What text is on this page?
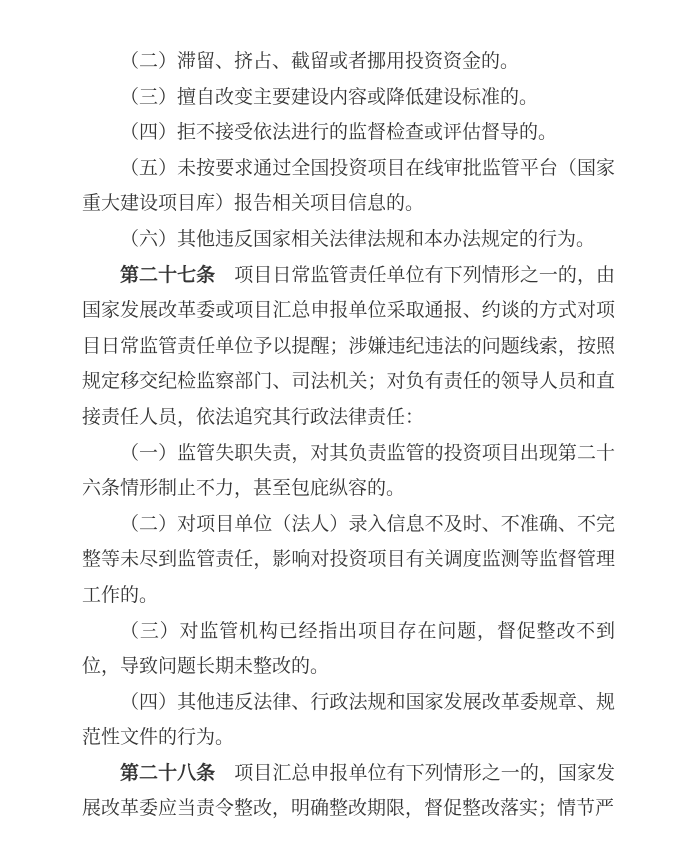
（二）滞留、挤占、截留或者挪用投资资金的。

（三）擅自改变主要建设内容或降低建设标准的。

（四）拒不接受依法进行的监督检查或评估督导的。

（五）未按要求通过全国投资项目在线审批监管平台（国家重大建设项目库）报告相关项目信息的。

（六）其他违反国家相关法律法规和本办法规定的行为。

第二十七条　项目日常监管责任单位有下列情形之一的，由国家发展改革委或项目汇总申报单位采取通报、约谈的方式对项目日常监管责任单位予以提醒；涉嫌违纪违法的问题线索，按照规定移交纪检监察部门、司法机关；对负有责任的领导人员和直接责任人员，依法追究其行政法律责任：

（一）监管失职失责，对其负责监管的投资项目出现第二十六条情形制止不力，甚至包庇纵容的。

（二）对项目单位（法人）录入信息不及时、不准确、不完整等未尽到监管责任，影响对投资项目有关调度监测等监督管理工作的。

（三）对监管机构已经指出项目存在问题，督促整改不到位，导致问题长期未整改的。

（四）其他违反法律、行政法规和国家发展改革委规章、规范性文件的行为。

第二十八条　项目汇总申报单位有下列情形之一的，国家发展改革委应当责令整改，明确整改期限，督促整改落实；情节严
